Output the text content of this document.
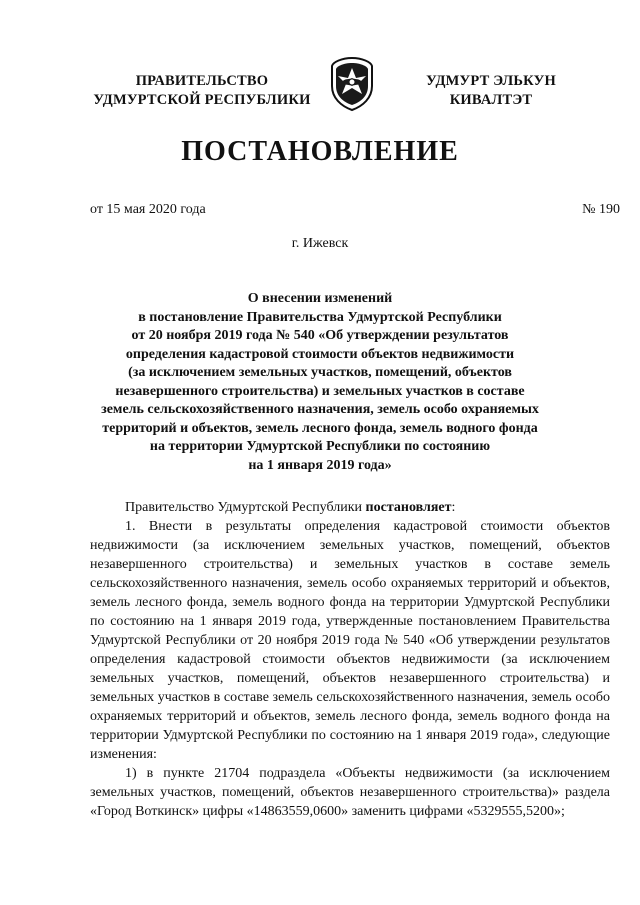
ПРАВИТЕЛЬСТВО
УДМУРТСКОЙ РЕСПУБЛИКИ
УДМУРТ ЭЛЬКУН
КИВАЛТЭТ
ПОСТАНОВЛЕНИЕ
от 15 мая 2020 года	№ 190
г. Ижевск
О внесении изменений
в постановление Правительства Удмуртской Республики
от 20 ноября 2019 года № 540 «Об утверждении результатов
определения кадастровой стоимости объектов недвижимости
(за исключением земельных участков, помещений, объектов
незавершенного строительства) и земельных участков в составе
земель сельскохозяйственного назначения, земель особо охраняемых
территорий и объектов, земель лесного фонда, земель водного фонда
на территории Удмуртской Республики по состоянию
на 1 января 2019 года»

Правительство Удмуртской Республики постановляет:

1. Внести в результаты определения кадастровой стоимости объектов недвижимости (за исключением земельных участков, помещений, объектов незавершенного строительства) и земельных участков в составе земель сельскохозяйственного назначения, земель особо охраняемых территорий и объектов, земель лесного фонда, земель водного фонда на территории Удмуртской Республики по состоянию на 1 января 2019 года, утвержденные постановлением Правительства Удмуртской Республики от 20 ноября 2019 года № 540 «Об утверждении результатов определения кадастровой стоимости объектов недвижимости (за исключением земельных участков, помещений, объектов незавершенного строительства) и земельных участков в составе земель сельскохозяйственного назначения, земель особо охраняемых территорий и объектов, земель лесного фонда, земель водного фонда на территории Удмуртской Республики по состоянию на 1 января 2019 года», следующие изменения:

1) в пункте 21704 подраздела «Объекты недвижимости (за исключением земельных участков, помещений, объектов незавершенного строительства)» раздела «Город Воткинск» цифры «14863559,0600» заменить цифрами «5329555,5200»;
